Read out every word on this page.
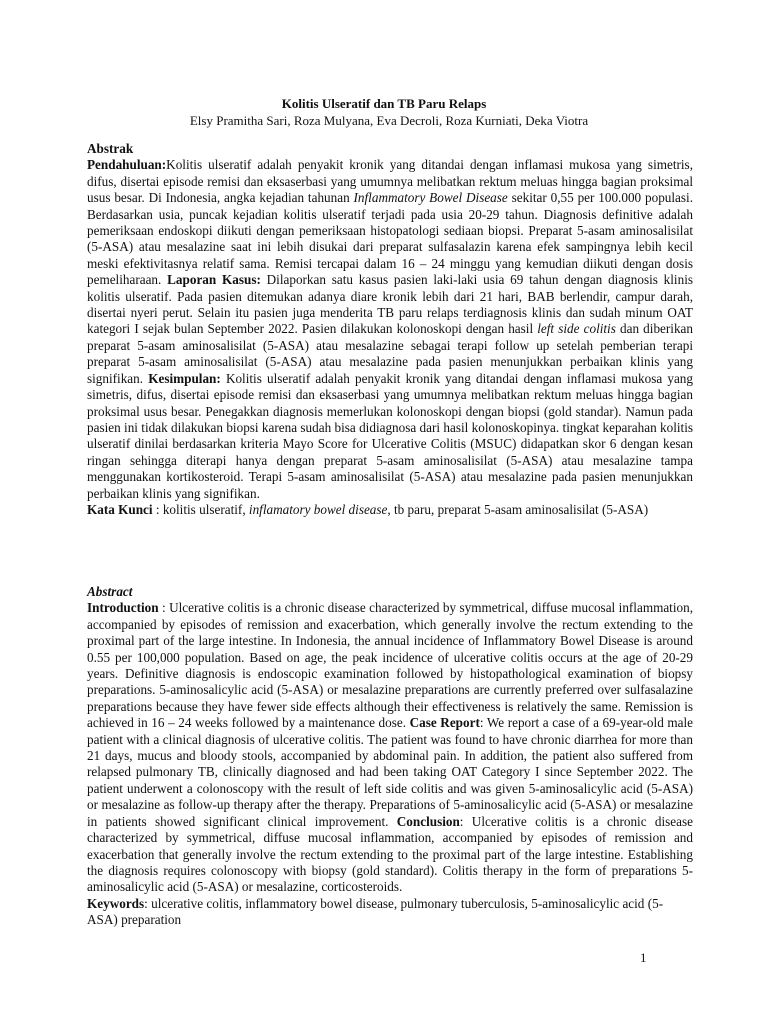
Kolitis Ulseratif dan TB Paru Relaps
Elsy Pramitha Sari, Roza Mulyana, Eva Decroli, Roza Kurniati, Deka Viotra
Abstrak

Pendahuluan:Kolitis ulseratif adalah penyakit kronik yang ditandai dengan inflamasi mukosa yang simetris, difus, disertai episode remisi dan eksaserbasi yang umumnya melibatkan rektum meluas hingga bagian proksimal usus besar. Di Indonesia, angka kejadian tahunan Inflammatory Bowel Disease sekitar 0,55 per 100.000 populasi. Berdasarkan usia, puncak kejadian kolitis ulseratif terjadi pada usia 20-29 tahun. Diagnosis definitive adalah pemeriksaan endoskopi diikuti dengan pemeriksaan histopatologi sediaan biopsi. Preparat 5-asam aminosalisilat (5-ASA) atau mesalazine saat ini lebih disukai dari preparat sulfasalazin karena efek sampingnya lebih kecil meski efektivitasnya relatif sama. Remisi tercapai dalam 16 – 24 minggu yang kemudian diikuti dengan dosis pemeliharaan. Laporan Kasus: Dilaporkan satu kasus pasien laki-laki usia 69 tahun dengan diagnosis klinis kolitis ulseratif. Pada pasien ditemukan adanya diare kronik lebih dari 21 hari, BAB berlendir, campur darah, disertai nyeri perut. Selain itu pasien juga menderita TB paru relaps terdiagnosis klinis dan sudah minum OAT kategori I sejak bulan September 2022. Pasien dilakukan kolonoskopi dengan hasil left side colitis dan diberikan preparat 5-asam aminosalisilat (5-ASA) atau mesalazine sebagai terapi follow up setelah pemberian terapi preparat 5-asam aminosalisilat (5-ASA) atau mesalazine pada pasien menunjukkan perbaikan klinis yang signifikan. Kesimpulan: Kolitis ulseratif adalah penyakit kronik yang ditandai dengan inflamasi mukosa yang simetris, difus, disertai episode remisi dan eksaserbasi yang umumnya melibatkan rektum meluas hingga bagian proksimal usus besar. Penegakkan diagnosis memerlukan kolonoskopi dengan biopsi (gold standar). Namun pada pasien ini tidak dilakukan biopsi karena sudah bisa didiagnosa dari hasil kolonoskopinya. tingkat keparahan kolitis ulseratif dinilai berdasarkan kriteria Mayo Score for Ulcerative Colitis (MSUC) didapatkan skor 6 dengan kesan ringan sehingga diterapi hanya dengan preparat 5-asam aminosalisilat (5-ASA) atau mesalazine tampa menggunakan kortikosteroid. Terapi 5-asam aminosalisilat (5-ASA) atau mesalazine pada pasien menunjukkan perbaikan klinis yang signifikan.

Kata Kunci : kolitis ulseratif, inflamatory bowel disease, tb paru, preparat 5-asam aminosalisilat (5-ASA)

Abstract

Introduction : Ulcerative colitis is a chronic disease characterized by symmetrical, diffuse mucosal inflammation, accompanied by episodes of remission and exacerbation, which generally involve the rectum extending to the proximal part of the large intestine. In Indonesia, the annual incidence of Inflammatory Bowel Disease is around 0.55 per 100,000 population. Based on age, the peak incidence of ulcerative colitis occurs at the age of 20-29 years. Definitive diagnosis is endoscopic examination followed by histopathological examination of biopsy preparations. 5-aminosalicylic acid (5-ASA) or mesalazine preparations are currently preferred over sulfasalazine preparations because they have fewer side effects although their effectiveness is relatively the same. Remission is achieved in 16 – 24 weeks followed by a maintenance dose. Case Report: We report a case of a 69-year-old male patient with a clinical diagnosis of ulcerative colitis. The patient was found to have chronic diarrhea for more than 21 days, mucus and bloody stools, accompanied by abdominal pain. In addition, the patient also suffered from relapsed pulmonary TB, clinically diagnosed and had been taking OAT Category I since September 2022. The patient underwent a colonoscopy with the result of left side colitis and was given 5-aminosalicylic acid (5-ASA) or mesalazine as follow-up therapy after the therapy. Preparations of 5-aminosalicylic acid (5-ASA) or mesalazine in patients showed significant clinical improvement. Conclusion: Ulcerative colitis is a chronic disease characterized by symmetrical, diffuse mucosal inflammation, accompanied by episodes of remission and exacerbation that generally involve the rectum extending to the proximal part of the large intestine. Establishing the diagnosis requires colonoscopy with biopsy (gold standard). Colitis therapy in the form of preparations 5-aminosalicylic acid (5-ASA) or mesalazine, corticosteroids.

Keywords: ulcerative colitis, inflammatory bowel disease, pulmonary tuberculosis, 5-aminosalicylic acid (5-ASA) preparation

1
